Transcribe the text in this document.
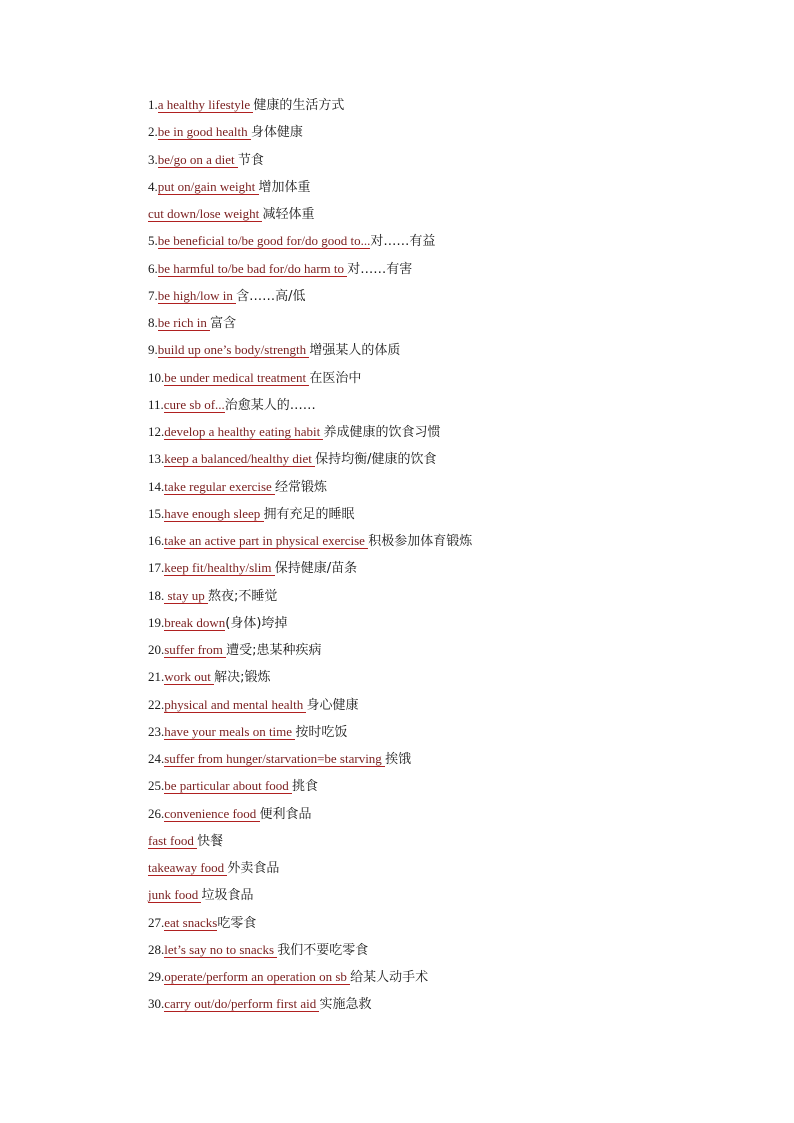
1.a healthy lifestyle 健康的生活方式
2.be in good health 身体健康
3.be/go on a diet 节食
4.put on/gain weight 增加体重
cut down/lose weight 减轻体重
5.be beneficial to/be good for/do good to...对……有益
6.be harmful to/be bad for/do harm to 对……有害
7.be high/low in 含……高/低
8.be rich in 富含
9.build up one’s body/strength 增强某人的体质
10.be under medical treatment 在医治中
11.cure sb of...治愈某人的……
12.develop a healthy eating habit 养成健康的饮食习惯
13.keep a balanced/healthy diet 保持均衡/健康的饮食
14.take regular exercise 经常锻炼
15.have enough sleep 拥有充足的睡眠
16.take an active part in physical exercise 积极参加体育锻炼
17.keep fit/healthy/slim 保持健康/苗条
18. stay up 熬夜;不睡觉
19.break down(身体)垮掉
20.suffer from 遭受;患某种疾病
21.work out 解决;锻炼
22.physical and mental health 身心健康
23.have your meals on time 按时吃饭
24.suffer from hunger/starvation=be starving 挨饿
25.be particular about food 挑食
26.convenience food 便利食品
fast food 快餐
takeaway food 外卖食品
junk food 垃圾食品
27.eat snacks吃零食
28.let’s say no to snacks 我们不要吃零食
29.operate/perform an operation on sb 给某人动手术
30.carry out/do/perform first aid 实施急救
